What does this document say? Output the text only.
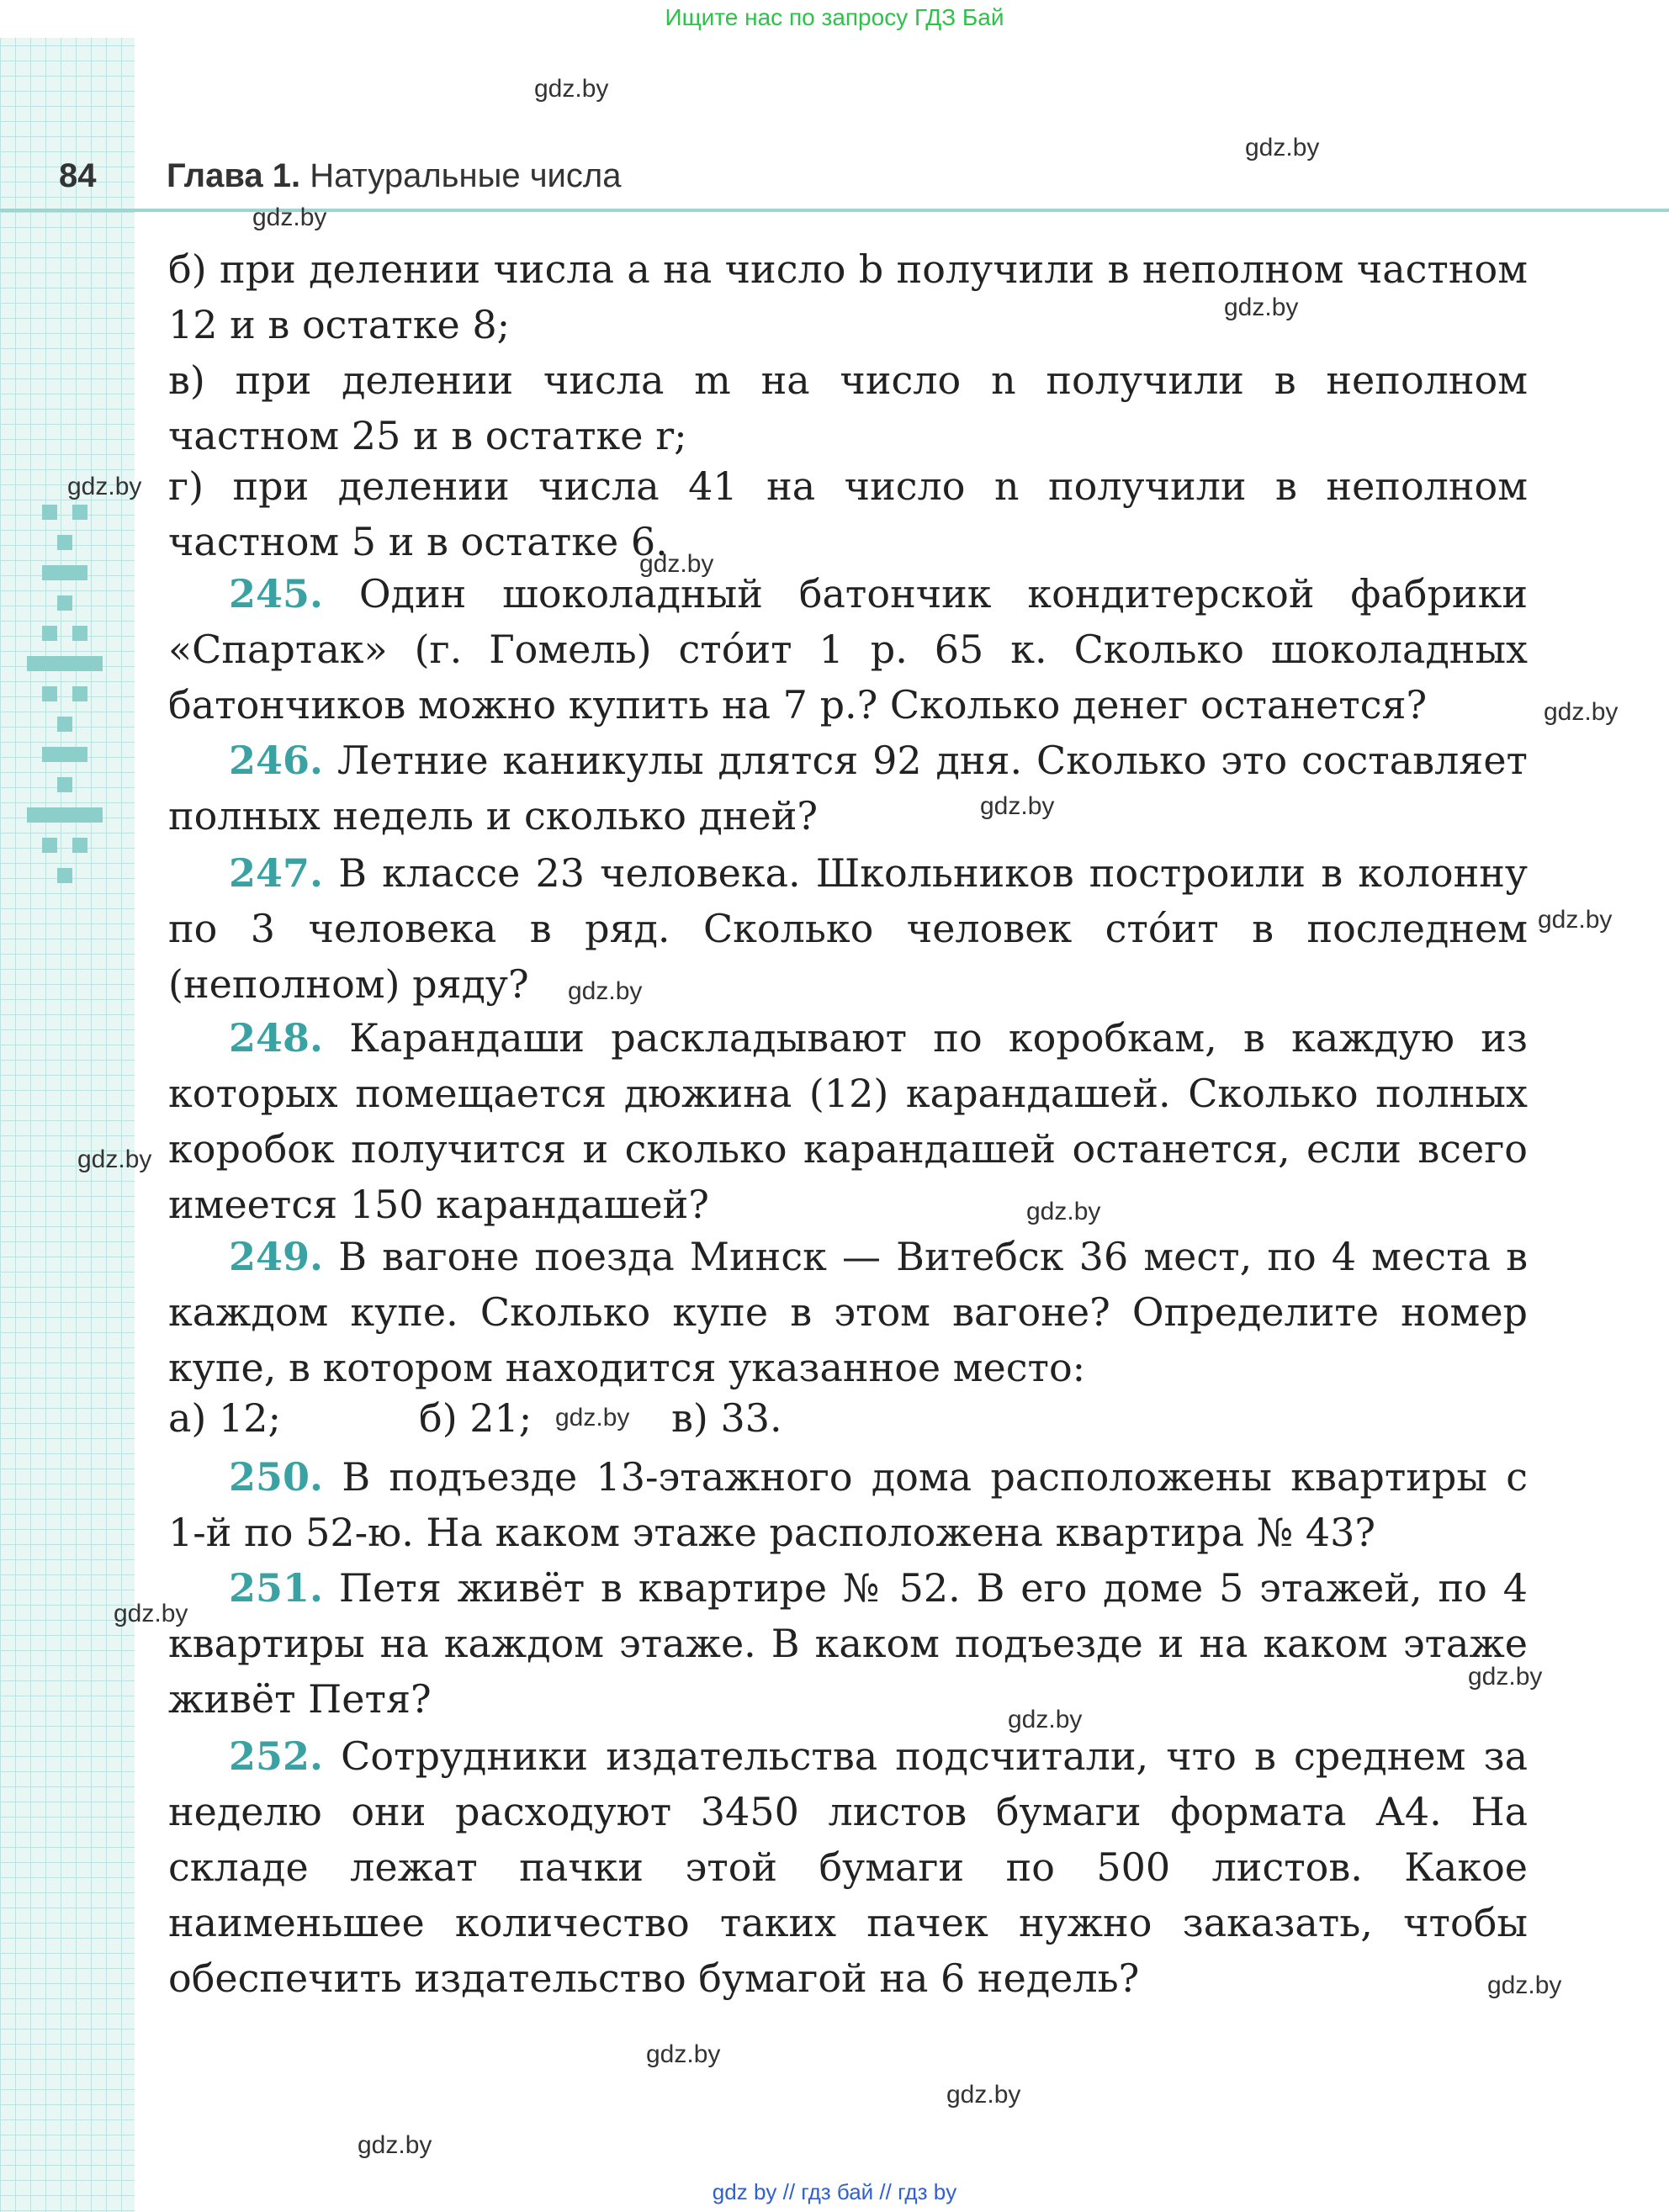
gdz.by
gdz.by
gdz.by
gdz.by
gdz.by
gdz.by
gdz.by
gdz.by
gdz.by
gdz.by
gdz.by
gdz.by
gdz.by
gdz.by
gdz.by
gdz.by
gdz.by
gdz.by
gdz.by
gdz.by
Ищите нас по запросу ГДЗ Бай
84 Глава 1. Натуральные числа
gdz by // гдз бай // гдз by

б) при делении числа a на число b получили в неполном частном 12 и в остатке 8;

в) при делении числа m на число n получили в неполном частном 25 и в остатке r;

г) при делении числа 41 на число n получили в неполном частном 5 и в остатке 6.

245. Один шоколадный батончик кондитерской фабрики «Спартак» (г. Гомель) сто́ит 1 р. 65 к. Сколько шоколадных батончиков можно купить на 7 р.? Сколько денег останется?

246. Летние каникулы длятся 92 дня. Сколько это составляет полных недель и сколько дней?

247. В классе 23 человека. Школьников построили в колонну по 3 человека в ряд. Сколько человек сто́ит в последнем (неполном) ряду?

248. Карандаши раскладывают по коробкам, в каждую из которых помещается дюжина (12) карандашей. Сколько полных коробок получится и сколько карандашей останется, если всего имеется 150 карандашей?

249. В вагоне поезда Минск — Витебск 36 мест, по 4 места в каждом купе. Сколько купе в этом вагоне? Определите номер купе, в котором находится указанное место:

а) 12;	б) 21;	в) 33.

250. В подъезде 13-этажного дома расположены квартиры с 1-й по 52-ю. На каком этаже расположена квартира № 43?

251. Петя живёт в квартире № 52. В его доме 5 этажей, по 4 квартиры на каждом этаже. В каком подъезде и на каком этаже живёт Петя?

252. Сотрудники издательства подсчитали, что в среднем за неделю они расходуют 3450 листов бумаги формата А4. На складе лежат пачки этой бумаги по 500 листов. Какое наименьшее количество таких пачек нужно заказать, чтобы обеспечить издательство бумагой на 6 недель?
